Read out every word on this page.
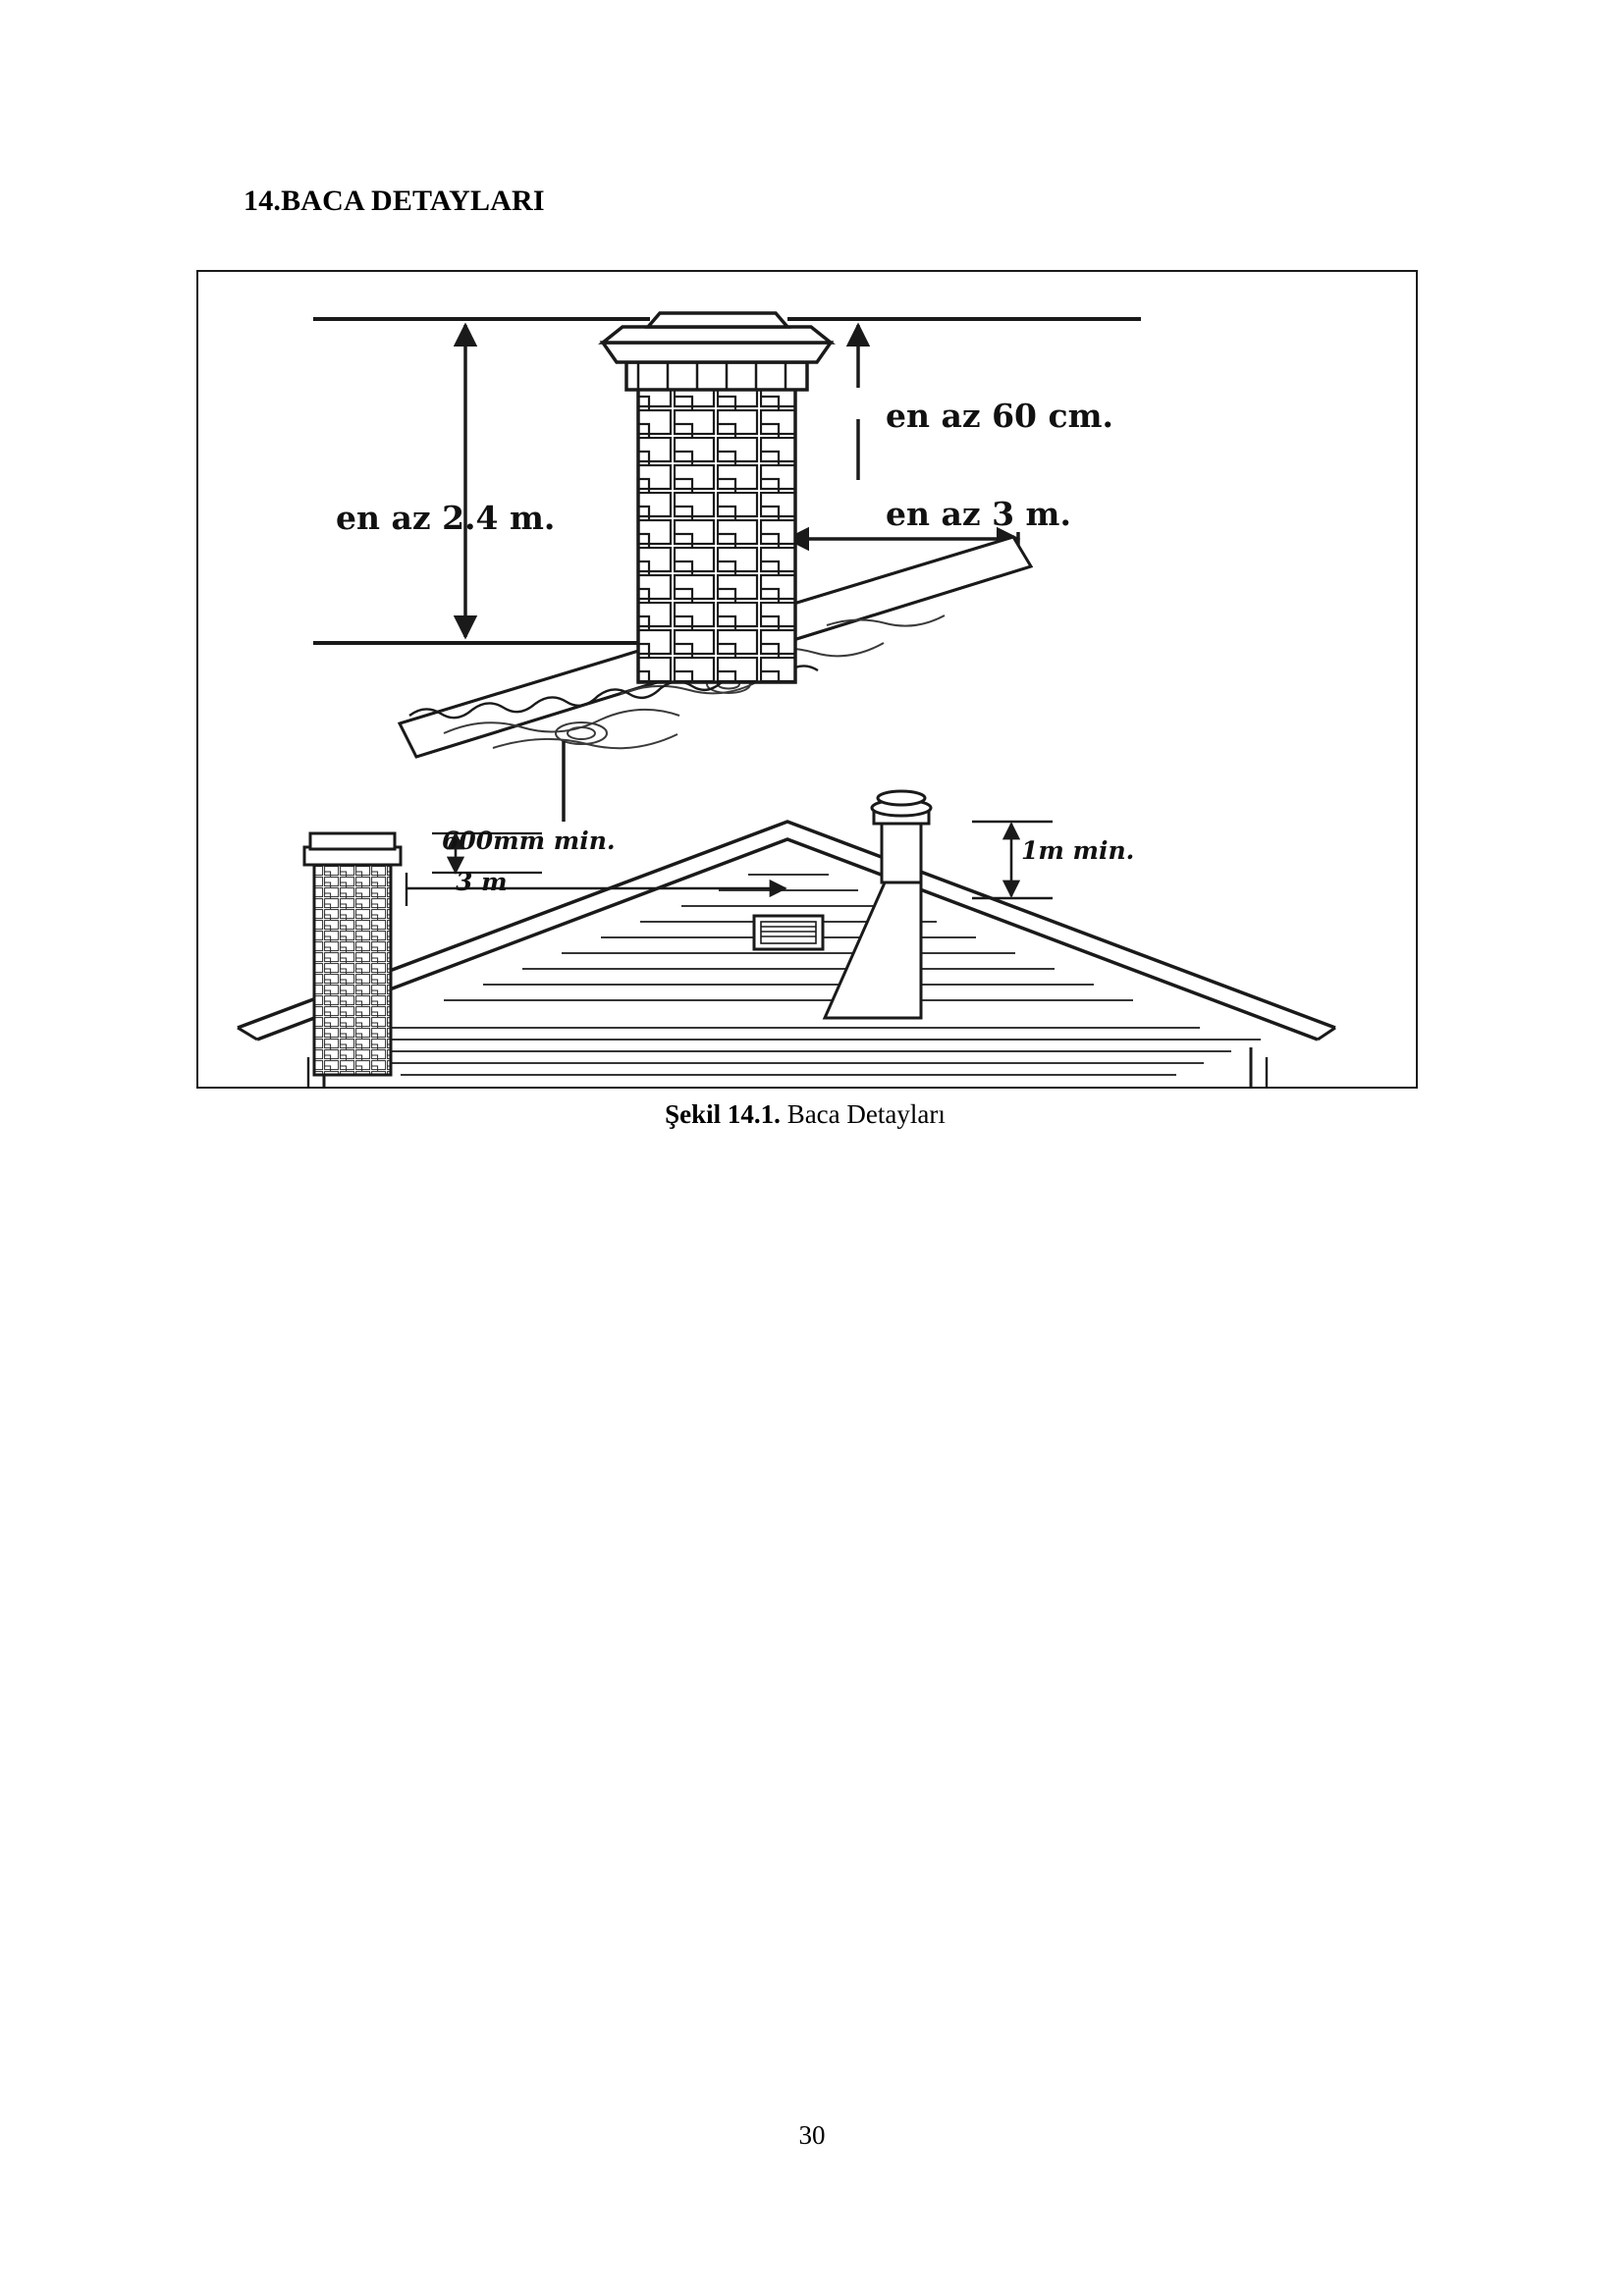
14.BACA DETAYLARI
en az 2.4 m.
en az 60 cm.
en az 3 m.
600mm min.
3 m
1m min.
Şekil 14.1. Baca Detayları
30
